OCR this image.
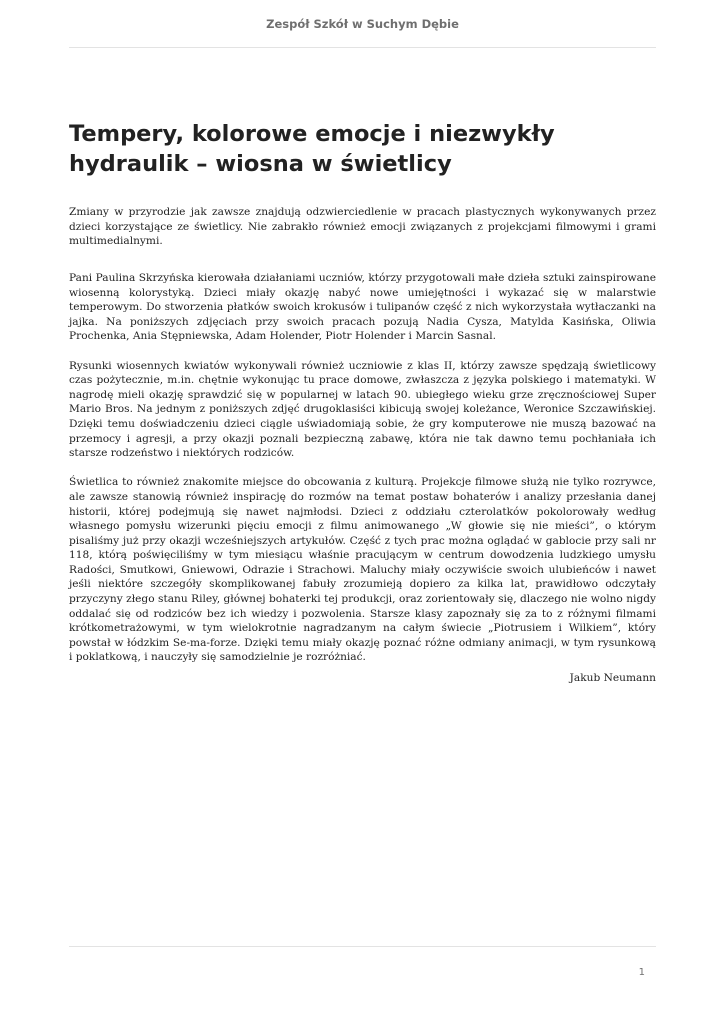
Zespół Szkół w Suchym Dębie
Tempery, kolorowe emocje i niezwykły hydraulik – wiosna w świetlicy

Zmiany w przyrodzie jak zawsze znajdują odzwierciedlenie w pracach plastycznych wykonywanych przez dzieci korzystające ze świetlicy. Nie zabrakło również emocji związanych z projekcjami filmowymi i grami multimedialnymi.

Pani Paulina Skrzyńska kierowała działaniami uczniów, którzy przygotowali małe dzieła sztuki zainspirowane wiosenną kolorystyką. Dzieci miały okazję nabyć nowe umiejętności i wykazać się w malarstwie temperowym. Do stworzenia płatków swoich krokusów i tulipanów część z nich wykorzystała wytłaczanki na jajka. Na poniższych zdjęciach przy swoich pracach pozują Nadia Cysza, Matylda Kasińska, Oliwia Prochenka, Ania Stępniewska, Adam Holender, Piotr Holender i Marcin Sasnal.

Rysunki wiosennych kwiatów wykonywali również uczniowie z klas II, którzy zawsze spędzają świetlicowy czas pożytecznie, m.in. chętnie wykonując tu prace domowe, zwłaszcza z języka polskiego i matematyki. W nagrodę mieli okazję sprawdzić się w popularnej w latach 90. ubiegłego wieku grze zręcznościowej Super Mario Bros. Na jednym z poniższych zdjęć drugoklasiści kibicują swojej koleżance, Weronice Szczawińskiej. Dzięki temu doświadczeniu dzieci ciągle uświadomiają sobie, że gry komputerowe nie muszą bazować na przemocy i agresji, a przy okazji poznali bezpieczną zabawę, która nie tak dawno temu pochłaniała ich starsze rodzeństwo i niektórych rodziców.

Świetlica to również znakomite miejsce do obcowania z kulturą. Projekcje filmowe służą nie tylko rozrywce, ale zawsze stanowią również inspirację do rozmów na temat postaw bohaterów i analizy przesłania danej historii, której podejmują się nawet najmłodsi. Dzieci z oddziału czterolatków pokolorowały według własnego pomysłu wizerunki pięciu emocji z filmu animowanego „W głowie się nie mieści”, o którym pisaliśmy już przy okazji wcześniejszych artykułów. Część z tych prac można oglądać w gablocie przy sali nr 118, którą poświęciliśmy w tym miesiącu właśnie pracującym w centrum dowodzenia ludzkiego umysłu Radości, Smutkowi, Gniewowi, Odrazie i Strachowi. Maluchy miały oczywiście swoich ulubieńców i nawet jeśli niektóre szczegóły skomplikowanej fabuły zrozumieją dopiero za kilka lat, prawidłowo odczytały przyczyny złego stanu Riley, głównej bohaterki tej produkcji, oraz zorientowały się, dlaczego nie wolno nigdy oddalać się od rodziców bez ich wiedzy i pozwolenia. Starsze klasy zapoznały się za to z różnymi filmami krótkometrażowymi, w tym wielokrotnie nagradzanym na całym świecie „Piotrusiem i Wilkiem”, który powstał w łódzkim Se-ma-forze. Dzięki temu miały okazję poznać różne odmiany animacji, w tym rysunkową i poklatkową, i nauczyły się samodzielnie je rozróżniać.

Jakub Neumann
1
